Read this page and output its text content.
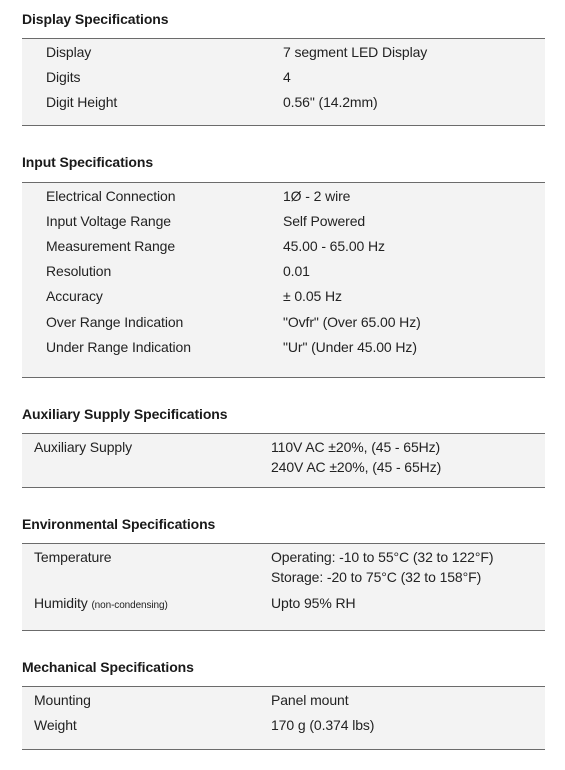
Display Specifications
Display	7 segment LED Display
Digits	4
Digit Height	0.56" (14.2mm)
Input Specifications
Electrical Connection	1Ø - 2 wire
Input Voltage Range	Self Powered
Measurement Range	45.00 - 65.00 Hz
Resolution	0.01
Accuracy	± 0.05 Hz
Over Range Indication	"Ovfr" (Over 65.00 Hz)
Under Range Indication	"Ur" (Under 45.00 Hz)
Auxiliary Supply Specifications
Auxiliary Supply	110V AC ±20%, (45 - 65Hz)
240V AC ±20%, (45 - 65Hz)
Environmental Specifications
Temperature	Operating: -10 to 55°C (32 to 122°F)
Storage: -20 to 75°C (32 to 158°F)
Humidity (non-condensing)	Upto 95% RH
Mechanical Specifications
Mounting	Panel mount
Weight	170 g (0.374 lbs)
